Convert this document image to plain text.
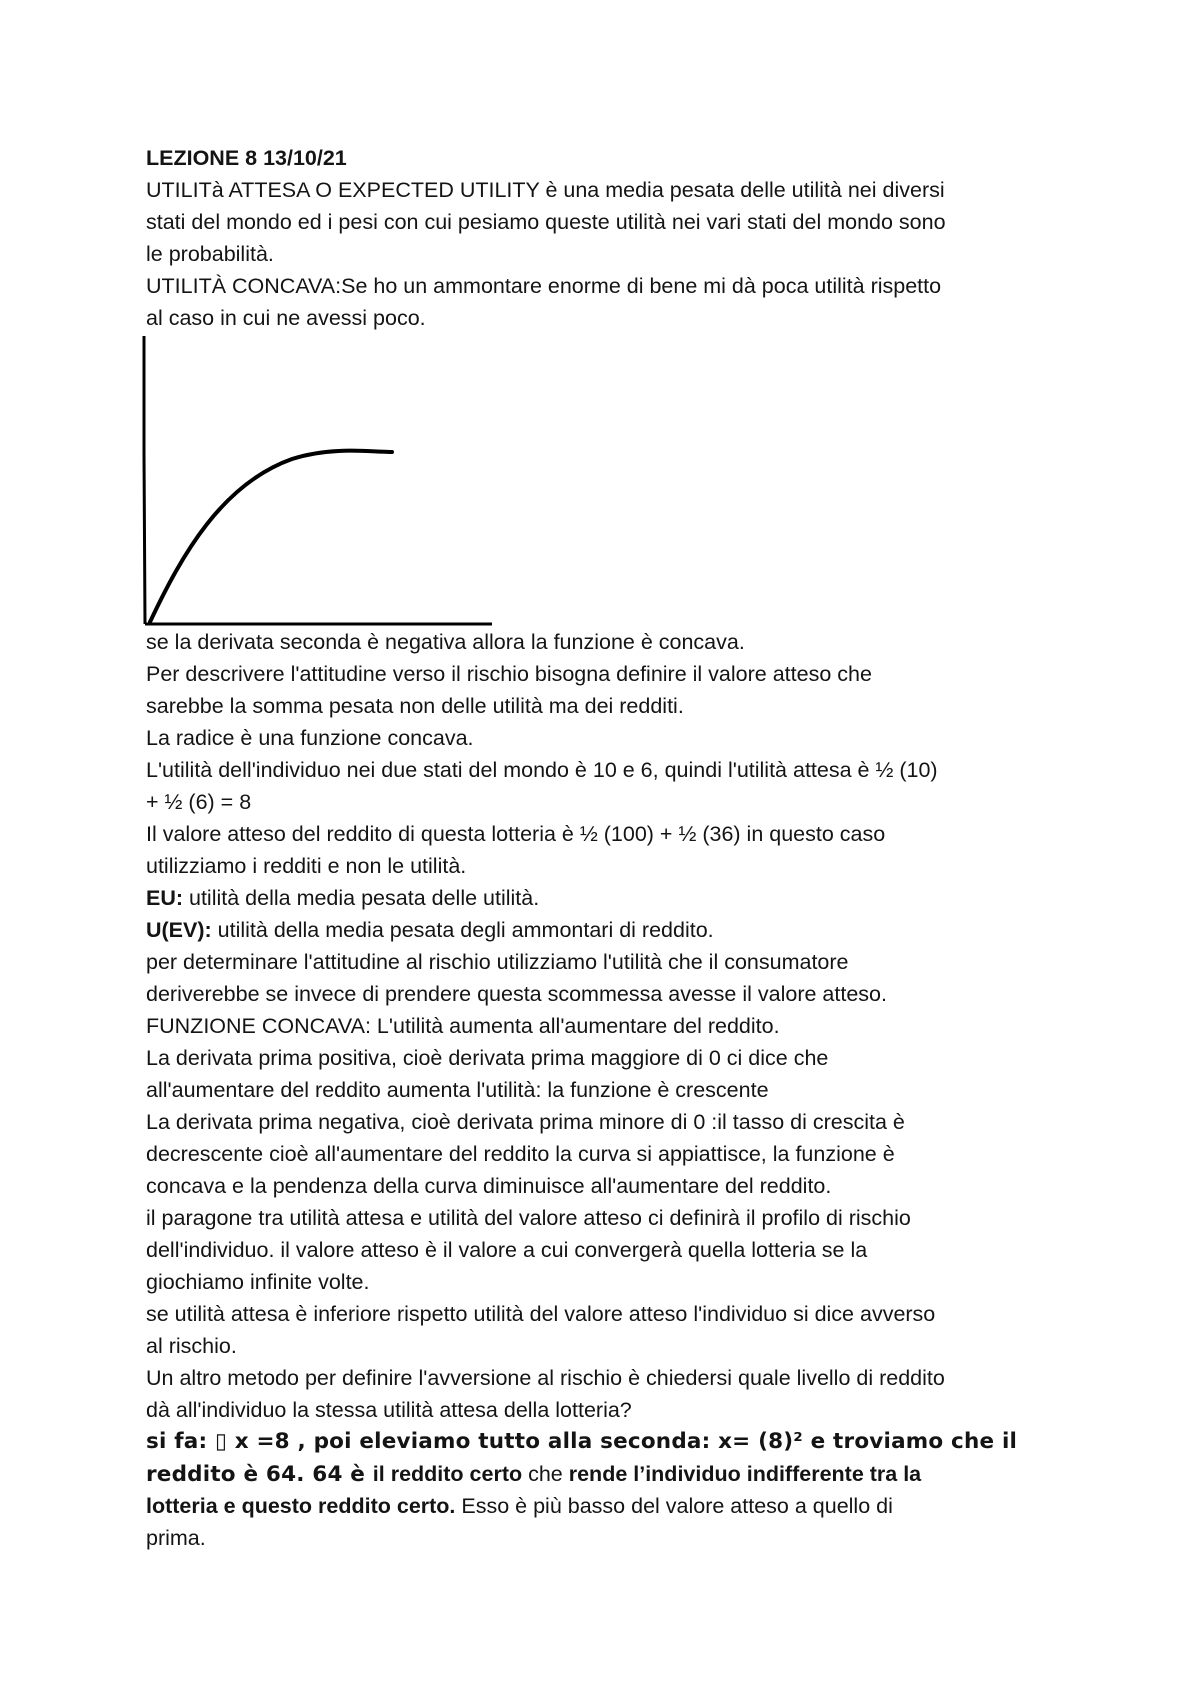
LEZIONE 8 13/10/21
UTILITà ATTESA O EXPECTED UTILITY è una media pesata delle utilità nei diversi
stati del mondo ed i pesi con cui pesiamo queste utilità nei vari stati del mondo sono
le probabilità.
UTILITÀ CONCAVA:Se ho un ammontare enorme di bene mi dà poca utilità rispetto
al caso in cui ne avessi poco.
se la derivata seconda è negativa allora la funzione è concava.
Per descrivere l'attitudine verso il rischio bisogna definire il valore atteso che
sarebbe la somma pesata non delle utilità ma dei redditi.
La radice è una funzione concava.
L'utilità dell'individuo nei due stati del mondo è 10 e 6, quindi l'utilità attesa è ½ (10)
+ ½ (6) = 8
Il valore atteso del reddito di questa lotteria è ½ (100) + ½ (36) in questo caso
utilizziamo i redditi e non le utilità.
EU: utilità della media pesata delle utilità.
U(EV): utilità della media pesata degli ammontari di reddito.
per determinare l'attitudine al rischio utilizziamo l'utilità che il consumatore
deriverebbe se invece di prendere questa scommessa avesse il valore atteso.
FUNZIONE CONCAVA: L'utilità aumenta all'aumentare del reddito.
La derivata prima positiva, cioè derivata prima maggiore di 0 ci dice che
all'aumentare del reddito aumenta l'utilità: la funzione è crescente
La derivata prima negativa, cioè derivata prima minore di 0 :il tasso di crescita è
decrescente cioè all'aumentare del reddito la curva si appiattisce, la funzione è
concava e la pendenza della curva diminuisce all'aumentare del reddito.
il paragone tra utilità attesa e utilità del valore atteso ci definirà il profilo di rischio
dell'individuo. il valore atteso è il valore a cui convergerà quella lotteria se la
giochiamo infinite volte.
se utilità attesa è inferiore rispetto utilità del valore atteso l'individuo si dice avverso
al rischio.
Un altro metodo per definire l'avversione al rischio è chiedersi quale livello di reddito
dà all'individuo la stessa utilità attesa della lotteria?
si fa: ▯ x =8 , poi eleviamo tutto alla seconda: x= (8)² e troviamo che il
reddito è 64. 64 è il reddito certo che rende l’individuo indifferente tra la
lotteria e questo reddito certo. Esso è più basso del valore atteso a quello di
prima.
